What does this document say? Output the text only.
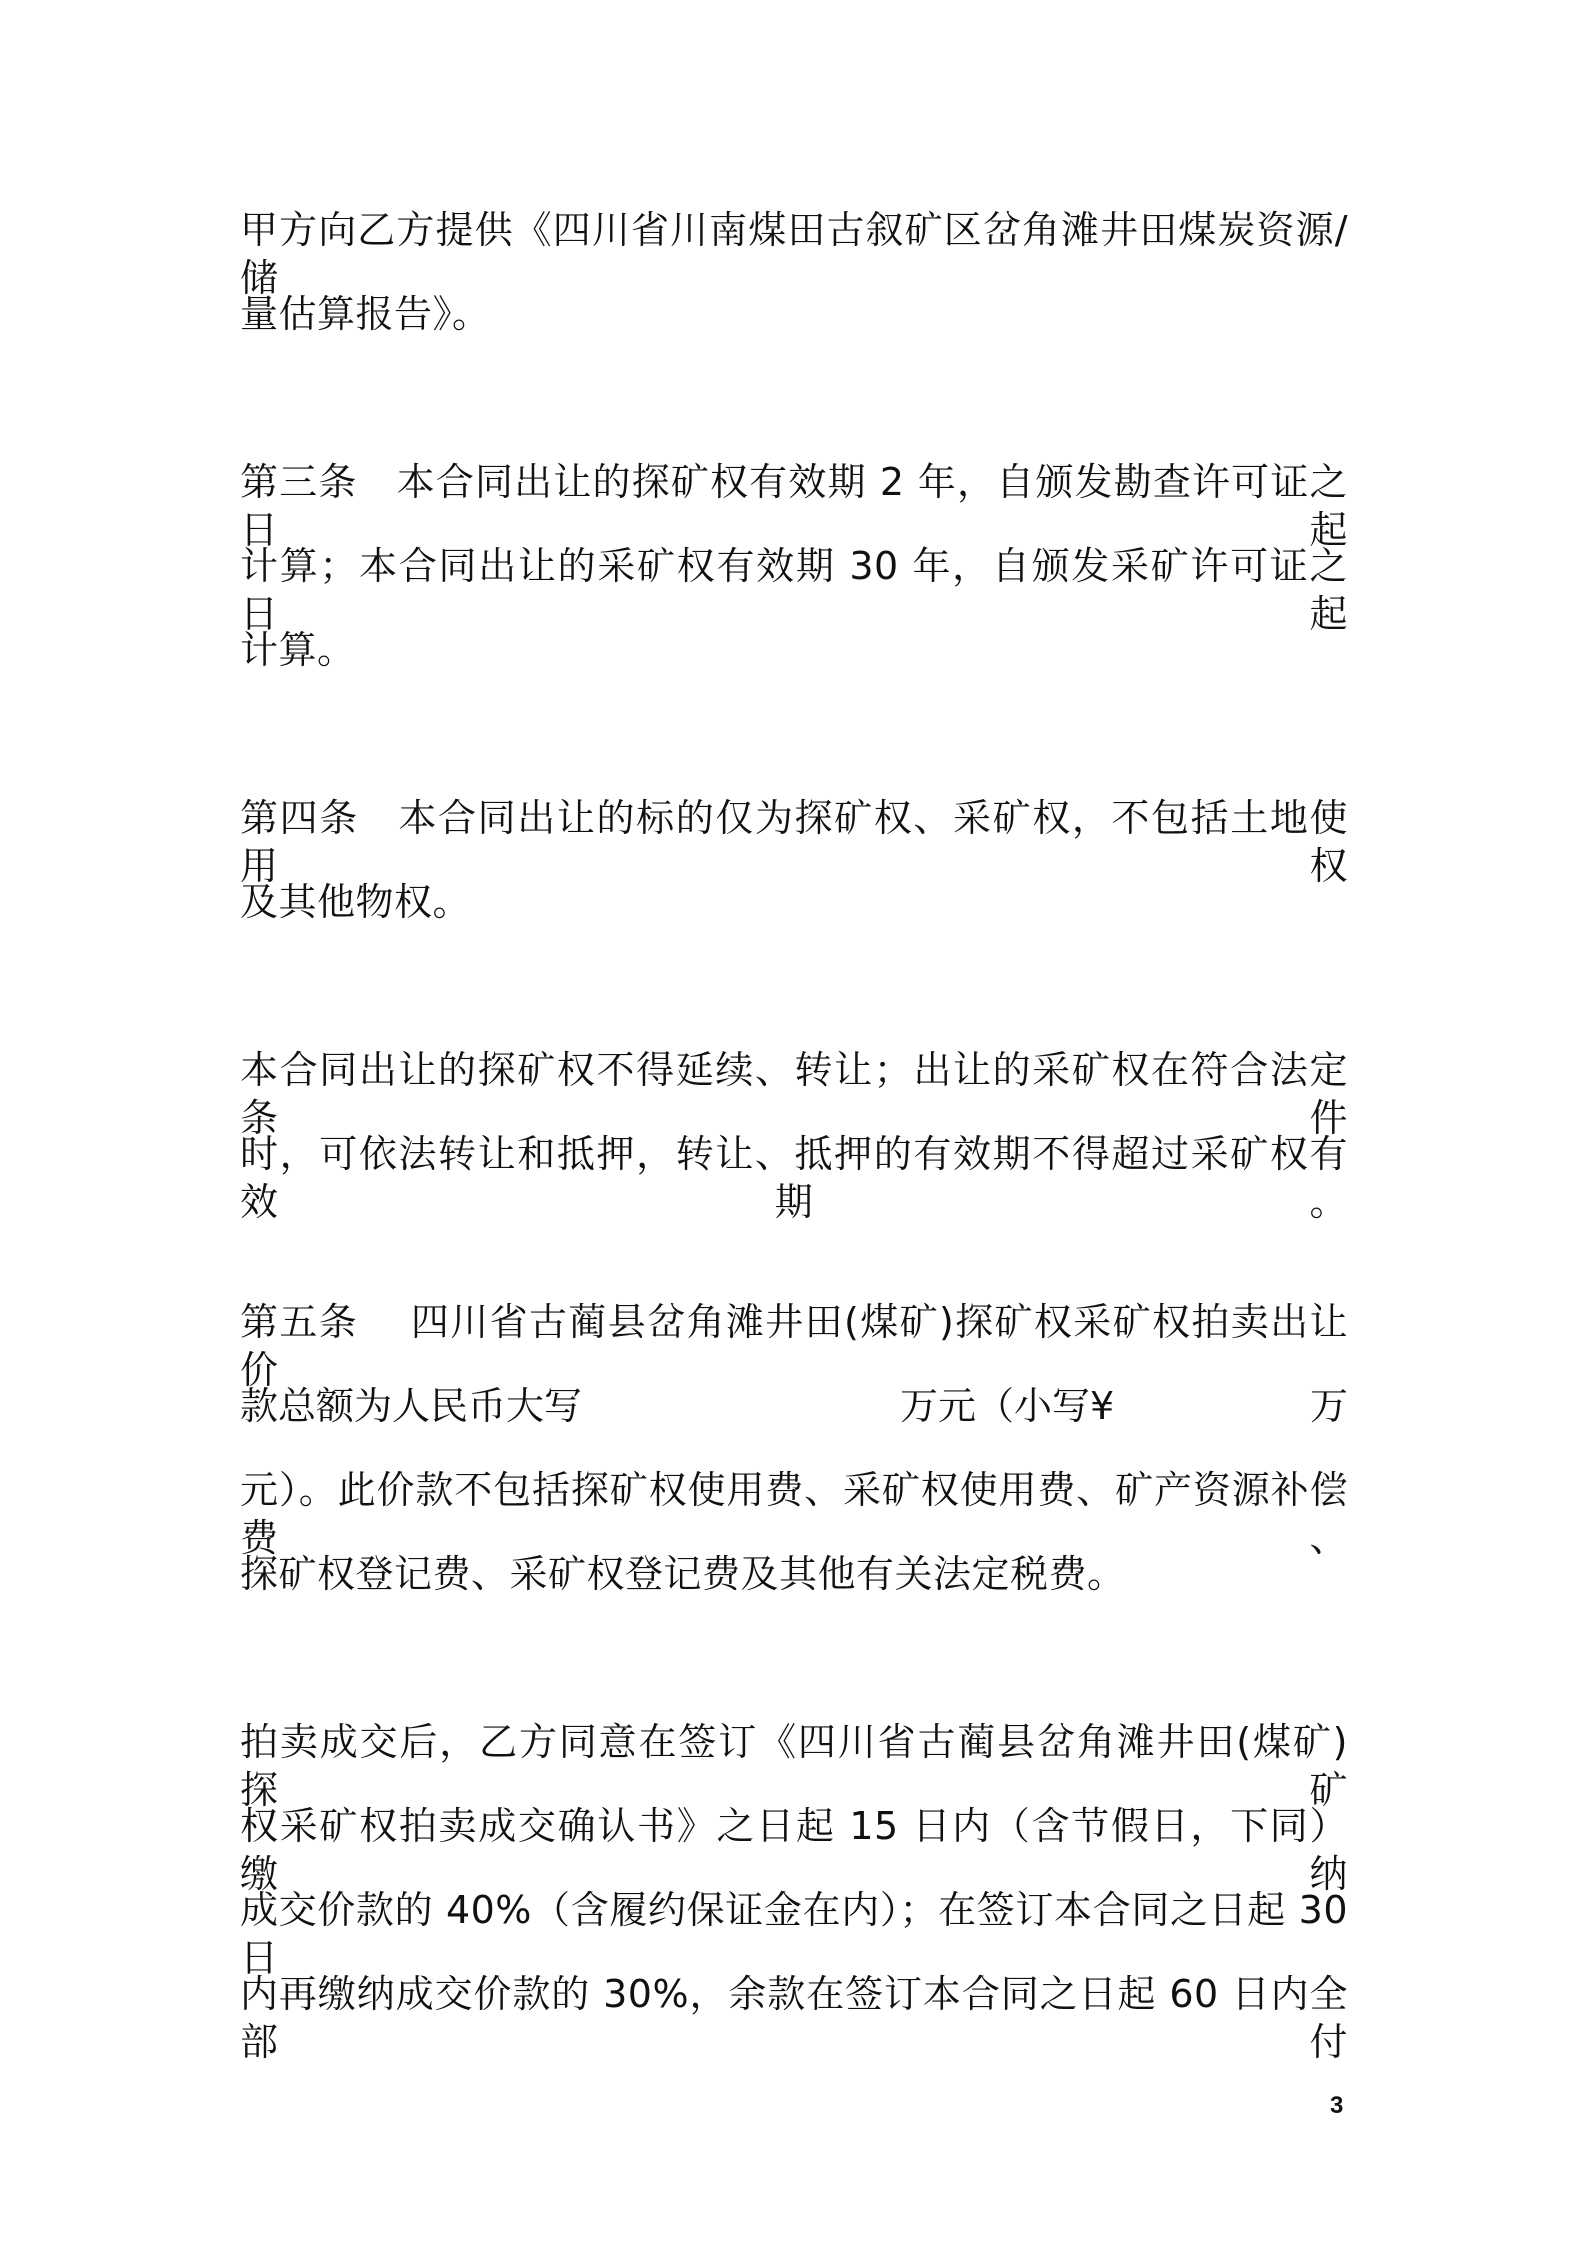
甲方向乙方提供《四川省川南煤田古叙矿区岔角滩井田煤炭资源/储
量估算报告》。
第三条　本合同出让的探矿权有效期 2 年，自颁发勘查许可证之日起
计算；本合同出让的采矿权有效期 30 年，自颁发采矿许可证之日起
计算。
第四条　本合同出让的标的仅为探矿权、采矿权，不包括土地使用权
及其他物权。
本合同出让的探矿权不得延续、转让；出让的采矿权在符合法定条件
时，可依法转让和抵押，转让、抵押的有效期不得超过采矿权有效期。
第五条　 四川省古蔺县岔角滩井田(煤矿)探矿权采矿权拍卖出让价
款总额为人民币大写	万元（小写¥	万
元）。此价款不包括探矿权使用费、采矿权使用费、矿产资源补偿费、
探矿权登记费、采矿权登记费及其他有关法定税费。
拍卖成交后，乙方同意在签订《四川省古蔺县岔角滩井田(煤矿)探矿
权采矿权拍卖成交确认书》之日起 15 日内（含节假日，下同）缴纳
成交价款的 40%（含履约保证金在内）；在签订本合同之日起 30 日
内再缴纳成交价款的 30%，余款在签订本合同之日起 60 日内全部付
3
